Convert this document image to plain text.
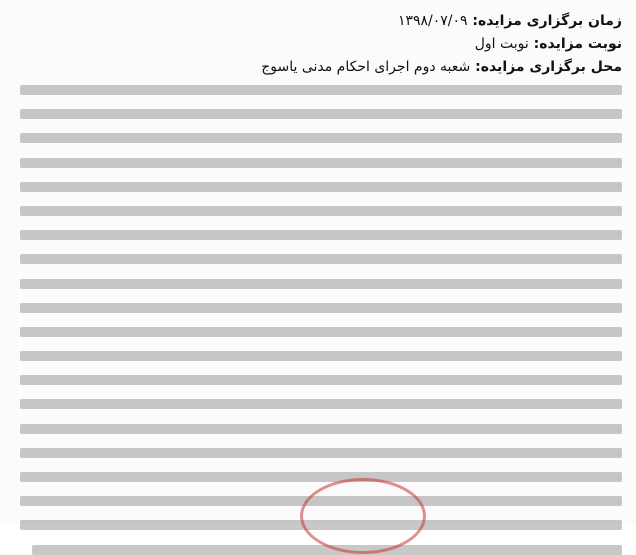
زمان برگزاری مزایده: ۱۳۹۸/۰۷/۰۹
نوبت مزایده: نوبت اول
محل برگزاری مزایده: شعبه دوم اجرای احکام مدنی یاسوج
